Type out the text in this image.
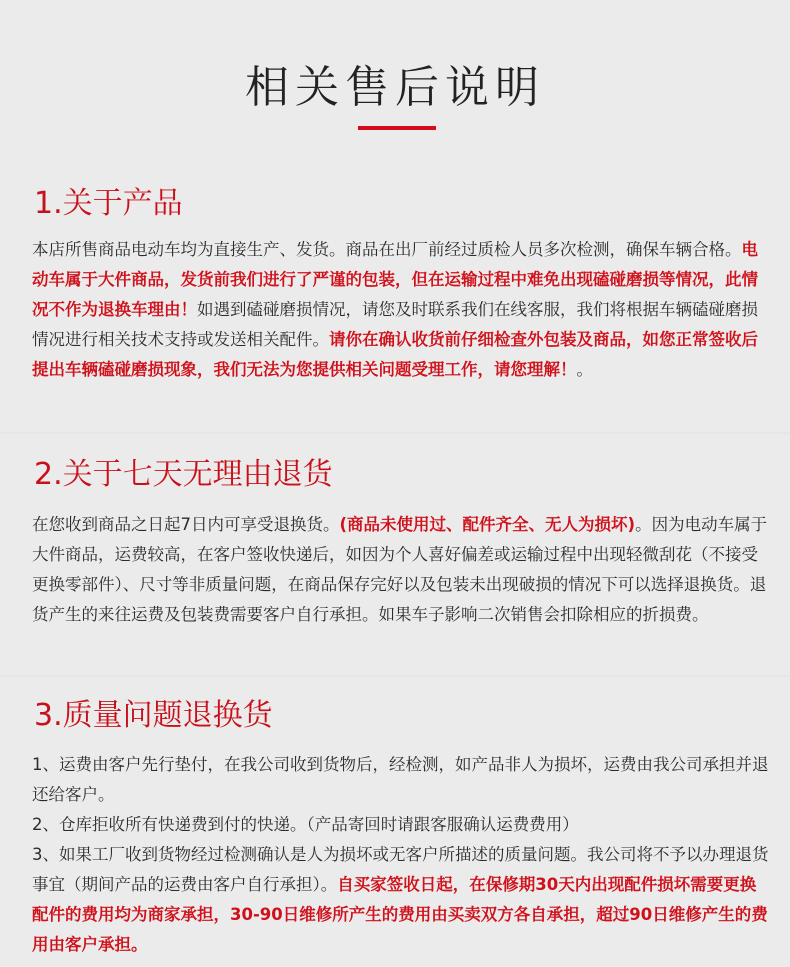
相关售后说明
1.关于产品
本店所售商品电动车均为直接生产、发货。商品在出厂前经过质检人员多次检测，确保车辆合格。电动车属于大件商品，发货前我们进行了严谨的包装，但在运输过程中难免出现磕碰磨损等情况，此情况不作为退换车理由！如遇到磕碰磨损情况，请您及时联系我们在线客服，我们将根据车辆磕碰磨损情况进行相关技术支持或发送相关配件。请你在确认收货前仔细检查外包装及商品，如您正常签收后提出车辆磕碰磨损现象，我们无法为您提供相关问题受理工作，请您理解！。
2.关于七天无理由退货
在您收到商品之日起7日内可享受退换货。(商品未使用过、配件齐全、无人为损坏)。因为电动车属于大件商品，运费较高，在客户签收快递后，如因为个人喜好偏差或运输过程中出现轻微刮花（不接受更换零部件）、尺寸等非质量问题，在商品保存完好以及包装未出现破损的情况下可以选择退换货。退货产生的来往运费及包装费需要客户自行承担。如果车子影响二次销售会扣除相应的折损费。
3.质量问题退换货

1、运费由客户先行垫付，在我公司收到货物后，经检测，如产品非人为损坏，运费由我公司承担并退还给客户。

2、仓库拒收所有快递费到付的快递。（产品寄回时请跟客服确认运费费用）

3、如果工厂收到货物经过检测确认是人为损坏或无客户所描述的质量问题。我公司将不予以办理退货事宜（期间产品的运费由客户自行承担）。自买家签收日起，在保修期30天内出现配件损坏需要更换配件的费用均为商家承担，30-90日维修所产生的费用由买卖双方各自承担，超过90日维修产生的费用由客户承担。
